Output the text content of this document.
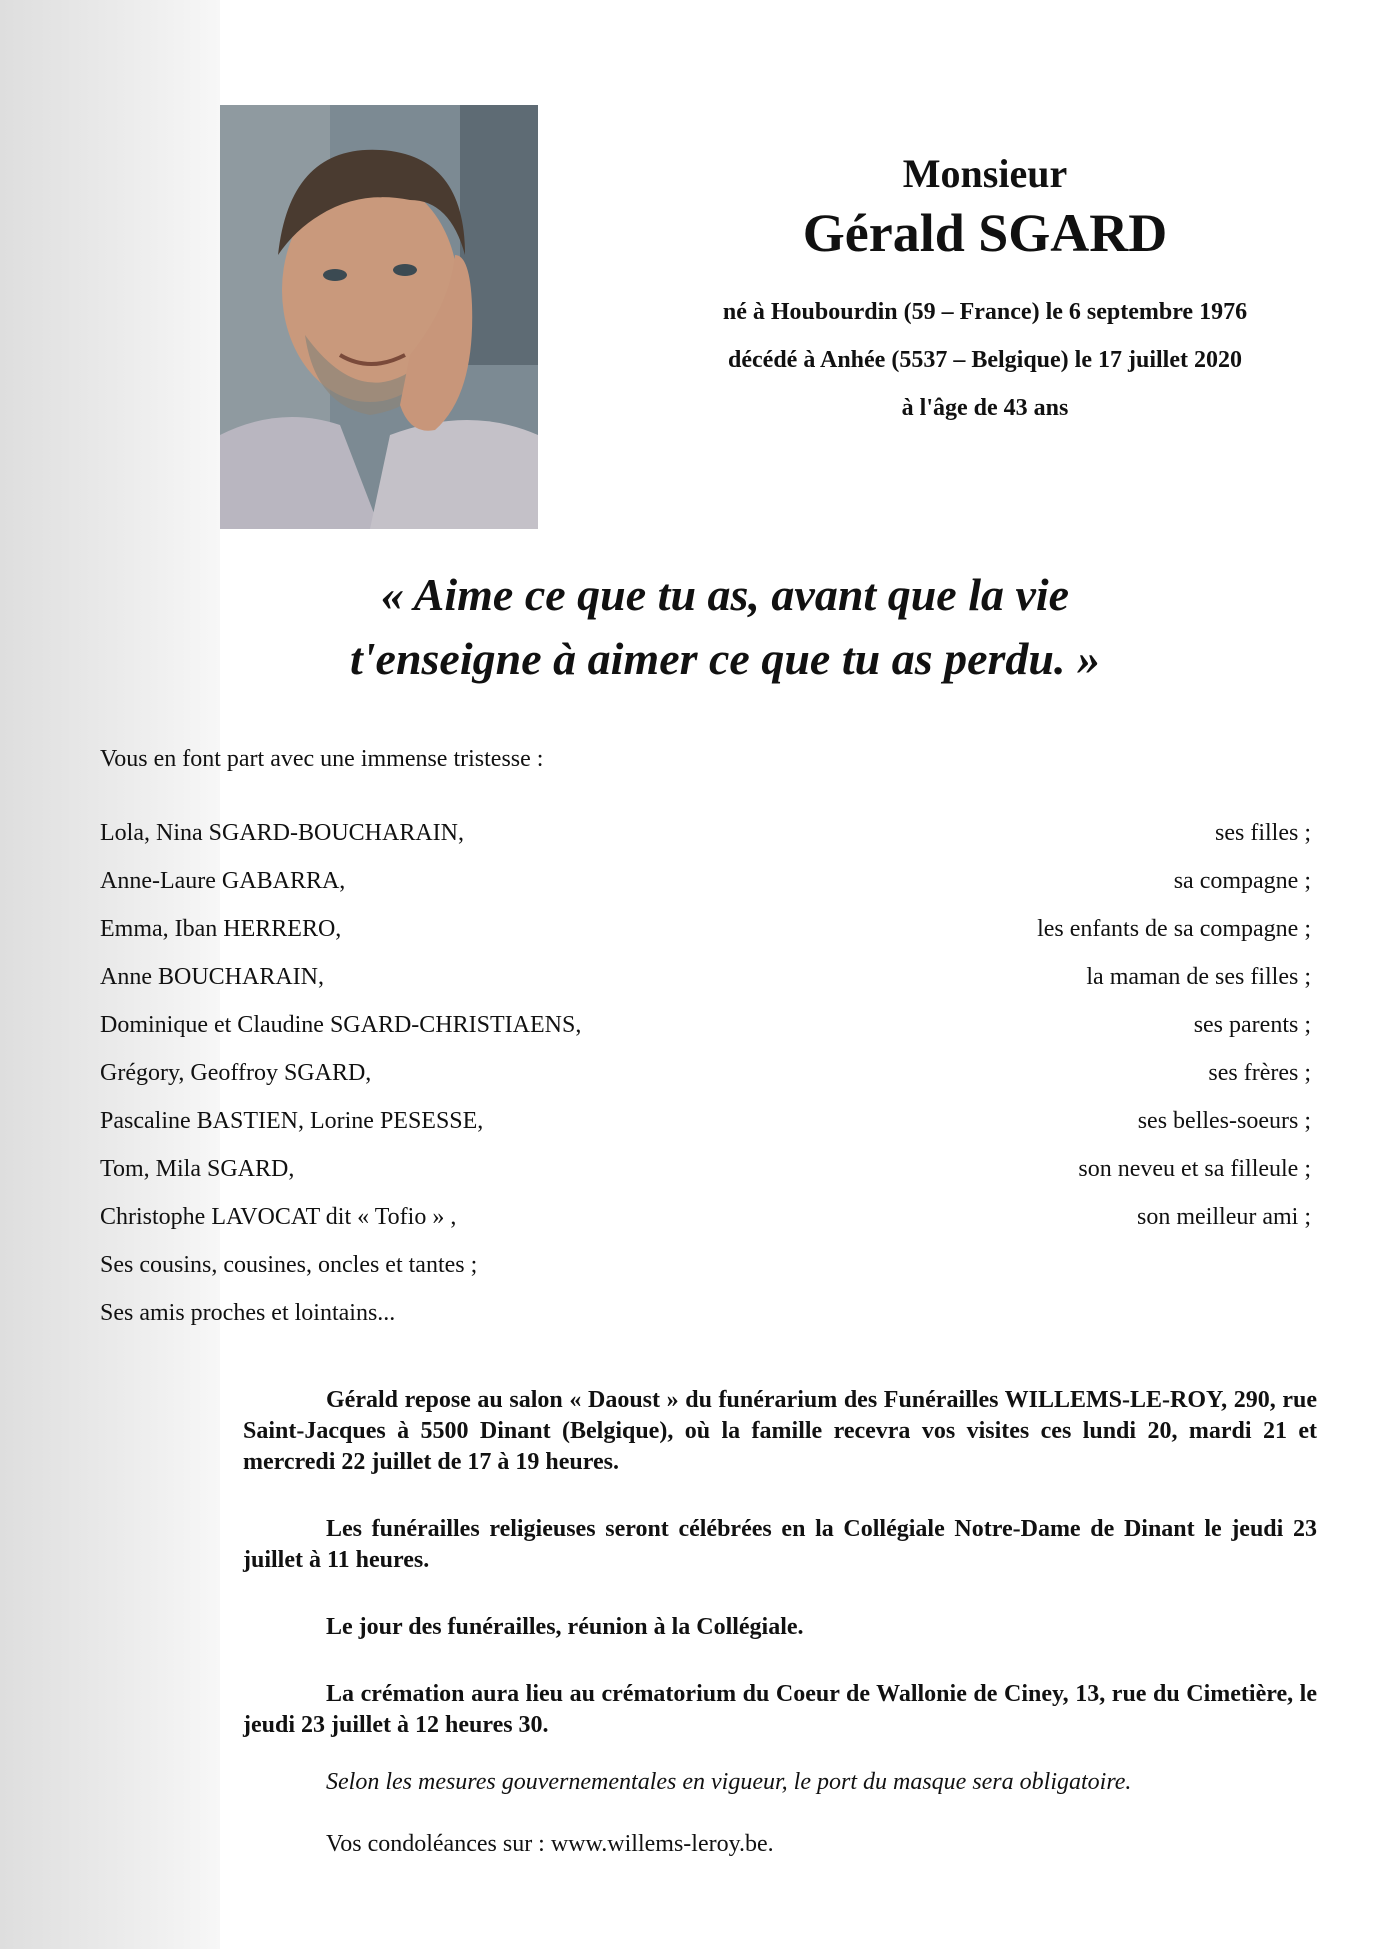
Monsieur
Gérald SGARD
né à Houbourdin (59 – France) le 6 septembre 1976
décédé à Anhée (5537 – Belgique) le 17 juillet 2020
à l'âge de 43 ans
« Aime ce que tu as, avant que la vie
t'enseigne à aimer ce que tu as perdu. »
Vous en font part avec une immense tristesse :
Lola, Nina SGARD-BOUCHARAIN,	ses filles ;
Anne-Laure GABARRA,	sa compagne ;
Emma, Iban HERRERO,	les enfants de sa compagne ;
Anne BOUCHARAIN,	la maman de ses filles ;
Dominique et Claudine SGARD-CHRISTIAENS,	ses parents ;
Grégory, Geoffroy SGARD,	ses frères ;
Pascaline BASTIEN, Lorine PESESSE,	ses belles-soeurs ;
Tom, Mila SGARD,	son neveu et sa filleule ;
Christophe LAVOCAT dit « Tofio » ,	son meilleur ami ;
Ses cousins, cousines, oncles et tantes ;
Ses amis proches et lointains...

Gérald repose au salon « Daoust » du funérarium des Funérailles WILLEMS-LE-ROY, 290, rue Saint-Jacques à 5500 Dinant (Belgique), où la famille recevra vos visites ces lundi 20, mardi 21 et mercredi 22 juillet de 17 à 19 heures.

Les funérailles religieuses seront célébrées en la Collégiale Notre-Dame de Dinant le jeudi 23 juillet à 11 heures.

Le jour des funérailles, réunion à la Collégiale.

La crémation aura lieu au crématorium du Coeur de Wallonie de Ciney, 13, rue du Cimetière, le jeudi 23 juillet à 12 heures 30.

Selon les mesures gouvernementales en vigueur, le port du masque sera obligatoire.
Vos condoléances sur : www.willems-leroy.be.
